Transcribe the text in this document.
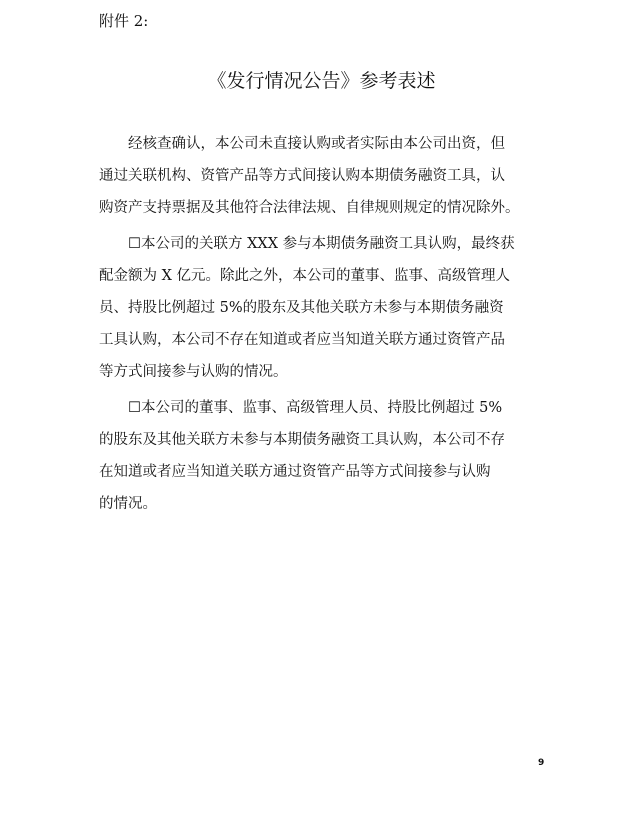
附件 2:
《发行情况公告》参考表述

经核查确认，本公司未直接认购或者实际由本公司出资，但
通过关联机构、资管产品等方式间接认购本期债务融资工具，认
购资产支持票据及其他符合法律法规、自律规则规定的情况除外。

☐本公司的关联方 XXX 参与本期债务融资工具认购，最终获
配金额为 X 亿元。除此之外，本公司的董事、监事、高级管理人
员、持股比例超过 5%的股东及其他关联方未参与本期债务融资
工具认购，本公司不存在知道或者应当知道关联方通过资管产品
等方式间接参与认购的情况。

☐本公司的董事、监事、高级管理人员、持股比例超过 5%
的股东及其他关联方未参与本期债务融资工具认购，本公司不存
在知道或者应当知道关联方通过资管产品等方式间接参与认购
的情况。

9
